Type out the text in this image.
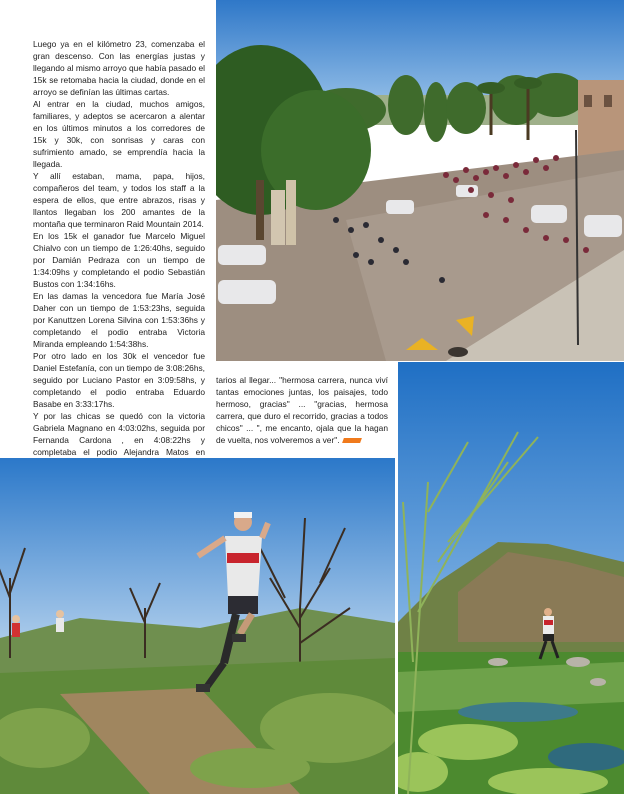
Luego ya en el kilómetro 23, comenzaba el gran descenso. Con las energías justas y llegando al mismo arroyo que había pasado el 15k se retomaba hacia la ciudad, donde en el arroyo se definían las últimas cartas.

Al entrar en la ciudad, muchos amigos, familiares, y adeptos se acercaron a alentar en los últimos minutos a los corredores de 15k y 30k, con sonrisas y caras con sufrimiento amado, se emprendía hacia la llegada.

Y allí estaban, mama, papa, hijos, compañeros del team, y todos los staff a la espera de ellos, que entre abrazos, risas y llantos llegaban los 200 amantes de la montaña que terminaron Raid Mountain 2014.

En los 15k el ganador fue Marcelo Miguel Chialvo con un tiempo de 1:26:40hs, seguido por Damián Pedraza con un tiempo de 1:34:09hs y completando el podio Sebastián Bustos con 1:34:16hs.

En las damas la vencedora fue María José Daher con un tiempo de 1:53:23hs, seguida por Kanuttzen Lorena Silvina con 1:53:36hs y completando el podio entraba Victoria Miranda empleando 1:54:38hs.

Por otro lado en los 30k el vencedor fue Daniel Estefanía, con un tiempo de 3:08:26hs, seguido por Luciano Pastor en 3:09:58hs, y completando el podio entraba Eduardo Basabe en 3:33:17hs.

Y por las chicas se quedó con la victoria Gabriela Magnano en 4:03:02hs, seguida por Fernanda Cardona , en 4:08:22hs y completaba el podio Alejandra Matos en

tarios al llegar... "hermosa carrera, nunca viví tantas emociones juntas, los paisajes, todo hermoso, gracias" ... "gracias, hermosa carrera, que duro el recorrido, gracias a todos chicos" ... ", me encanto, ojala que la hagan de vuelta, nos volveremos a ver".
